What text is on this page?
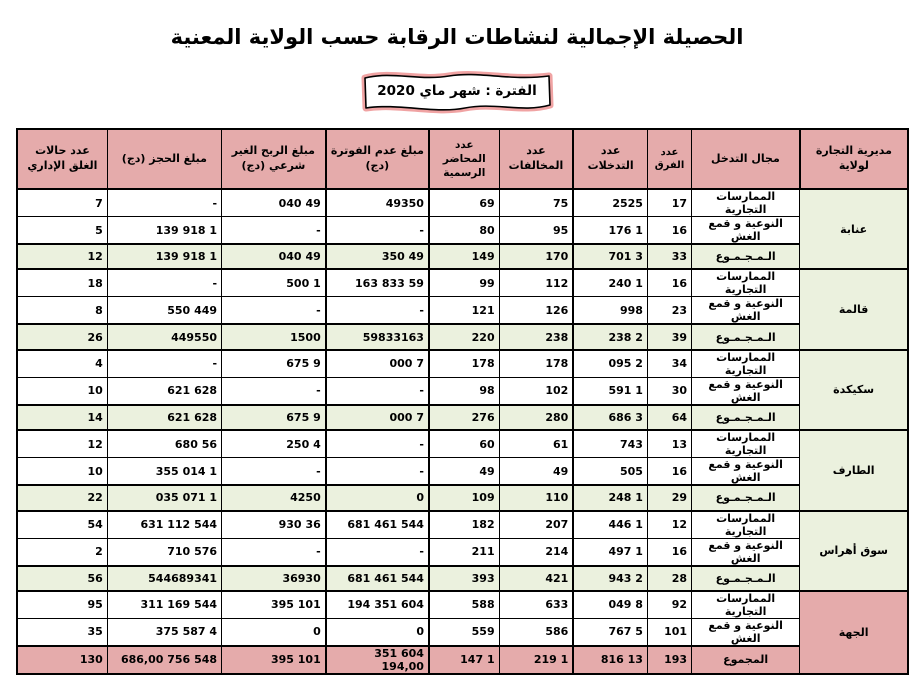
الحصيلة الإجمالية لنشاطات الرقابة حسب الولاية المعنية
الفترة : شهر ماي 2020
مديرية التجارة لولاية	مجال التدخل	عدد الفرق	عدد التدخلات	عدد المخالفات	عدد المحاضر الرسمية	مبلغ عدم الفوترة (دج)	مبلغ الربح الغير شرعي (دج)	مبلغ الحجز (دج)	عدد حالات الغلق الإداري
عنابة	الممارسات التجارية	17	2525	75	69	49350	49 040	-	7
	النوعية و قمع الغش	16	1 176	95	80	-	-	1 918 139	5
	الـمـجـمـوع	33	3 701	170	149	49 350	49 040	1 918 139	12
قالمة	الممارسات التجارية	16	1 240	112	99	59 833 163	1 500	-	18
	النوعية و قمع الغش	23	998	126	121	-	-	449 550	8
	الـمـجـمـوع	39	2 238	238	220	59833163	1500	449550	26
سكيكدة	الممارسات التجارية	34	2 095	178	178	7 000	9 675	-	4
	النوعية و قمع الغش	30	1 591	102	98	-	-	628 621	10
	الـمـجـمـوع	64	3 686	280	276	7 000	9 675	628 621	14
الطارف	الممارسات التجارية	13	743	61	60	-	4 250	56 680	12
	النوعية و قمع الغش	16	505	49	49	-	-	1 014 355	10
	الـمـجـمـوع	29	1 248	110	109	0	4250	1 071 035	22
سوق أهراس	الممارسات التجارية	12	1 446	207	182	544 461 681	36 930	544 112 631	54
	النوعية و قمع الغش	16	1 497	214	211	-	-	576 710	2
	الـمـجـمـوع	28	2 943	421	393	544 461 681	36930	544689341	56
الجهة	الممارسات التجارية	92	8 049	633	588	604 351 194	101 395	544 169 311	95
	النوعية و قمع الغش	101	5 767	586	559	0	0	4 587 375	35
	المجموع	193	13 816	1 219	1 147	604 351 194,00	101 395	548 756 686,00	130
